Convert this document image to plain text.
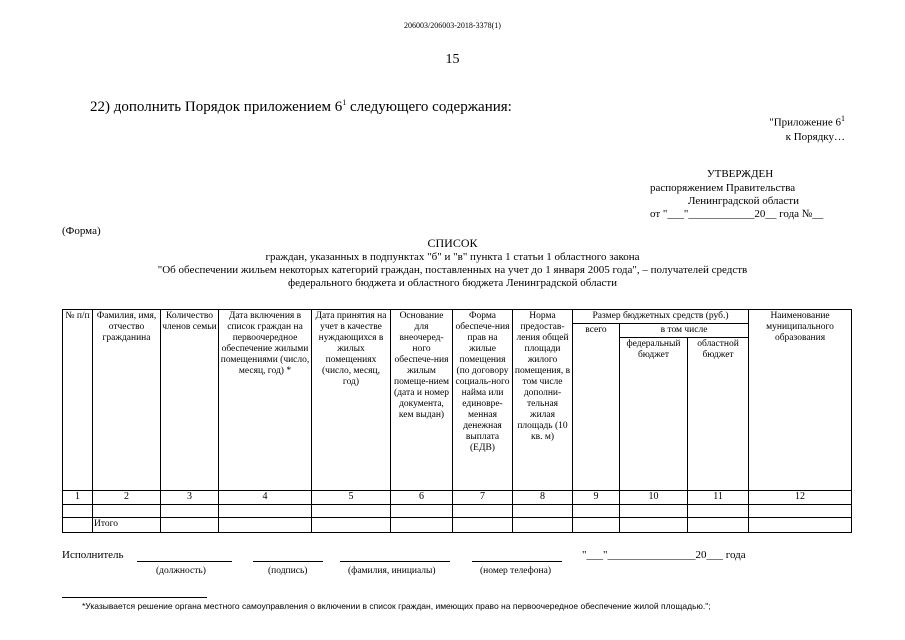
206003/206003-2018-3378(1)
15
22) дополнить Порядок приложением $6^1$ следующего содержания:
"Приложение $6^1$
к Порядку…
УТВЕРЖДЕН
распоряжением Правительства
Ленинградской области
от "___"____________20__ года №__
(Форма)
СПИСОК
граждан, указанных в подпунктах "б" и "в" пункта 1 статьи 1 областного закона
"Об обеспечении жильем некоторых категорий граждан, поставленных на учет до 1 января 2005 года", – получателей средств
федерального бюджета и областного бюджета Ленинградской области
№ п/п	Фамилия, имя, отчество гражданина	Количество членов семьи	Дата включения в список граждан на первоочередное обеспечение жилыми помещениями (число, месяц, год) *	Дата принятия на учет в качестве нуждающихся в жилых помещениях (число, месяц, год)	Основание для внеочеред-ного обеспече-ния жилым помеще-нием (дата и номер документа, кем выдан)	Форма обеспече-ния прав на жилые помещения (по договору социаль-ного найма или единовре-менная денежная выплата (ЕДВ)	Норма предостав-ления общей площади жилого помещения, в том числе дополни-тельная жилая площадь (10 кв. м)	Размер бюджетных средств (руб.)			Наименование муниципального образования
								всего	в том числе		
									федеральный бюджет	областной бюджет	
1	2	3	4	5	6	7	8	9	10	11	12

	Итого										
Исполнитель	"___"________________20___ года
(должность)	(подпись)	(фамилия, инициалы)	(номер телефона)
*Указывается решение органа местного самоуправления о включении в список граждан, имеющих право на первоочередное обеспечение жилой площадью.";
